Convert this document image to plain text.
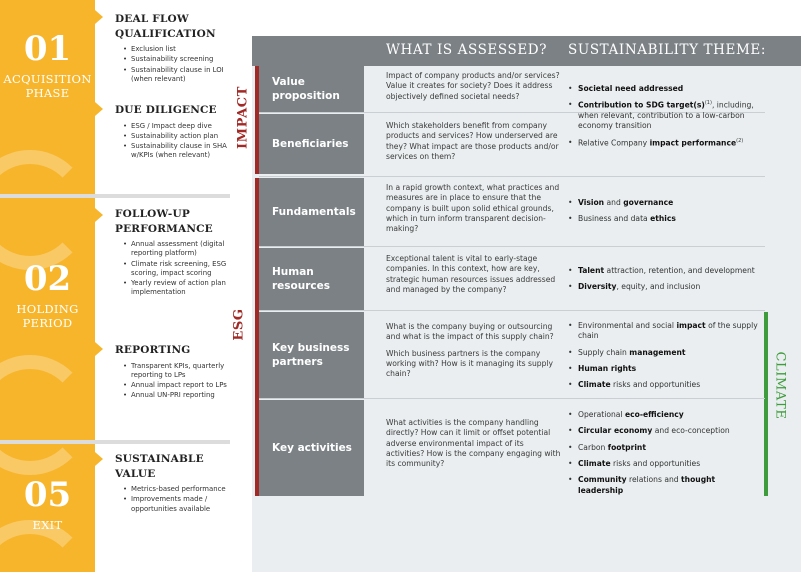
01
ACQUISITION
PHASE
02
HOLDING
PERIOD
05
EXIT
DEAL FLOW QUALIFICATION
• Exclusion list
• Sustainability screening
• Sustainability clause in LOI (when relevant)
DUE DILIGENCE
• ESG / Impact deep dive
• Sustainability action plan
• Sustainability clause in SHA w/KPIs (when relevant)
FOLLOW-UP PERFORMANCE
• Annual assessment (digital reporting platform)
• Climate risk screening, ESG scoring, impact scoring
• Yearly review of action plan implementation
REPORTING
• Transparent KPIs, quarterly reporting to LPs
• Annual impact report to LPs
• Annual UN-PRI reporting
SUSTAINABLE VALUE
• Metrics-based performance
• Improvements made / opportunities available
WHAT IS ASSESSED? SUSTAINABILITY THEME:
IMPACT
ESG
CLIMATE
Value proposition
Beneficiaries
Fundamentals
Human resources
Key business partners
Key activities
Impact of company products and/or services? Value it creates for society? Does it address objectively defined societal needs?
Which stakeholders benefit from company products and services? How underserved are they? What impact are those products and/or services on them?
In a rapid growth context, what practices and measures are in place to ensure that the company is built upon solid ethical grounds, which in turn inform transparent decision-making?
Exceptional talent is vital to early-stage companies. In this context, how are key, strategic human resources issues addressed and managed by the company?

What is the company buying or outsourcing and what is the impact of this supply chain?

Which business partners is the company working with? How is it managing its supply chain?

What activities is the company handling directly? How can it limit or offset potential adverse environmental impact of its activities? How is the company engaging with its community?
• Societal need addressed
• Contribution to SDG $target(s)^{(1)}$, including, when relevant, contribution to a low-carbon economy transition
• Relative Company impact performance$^{(2)}$
• Vision and governance
• Business and data ethics
• Talent attraction, retention, and development
• Diversity, equity, and inclusion
• Environmental and social impact of the supply chain
• Supply chain management
• Human rights
• Climate risks and opportunities
• Operational eco-efficiency
• Circular economy and eco-conception
• Carbon footprint
• Climate risks and opportunities
• Community relations and thought leadership
